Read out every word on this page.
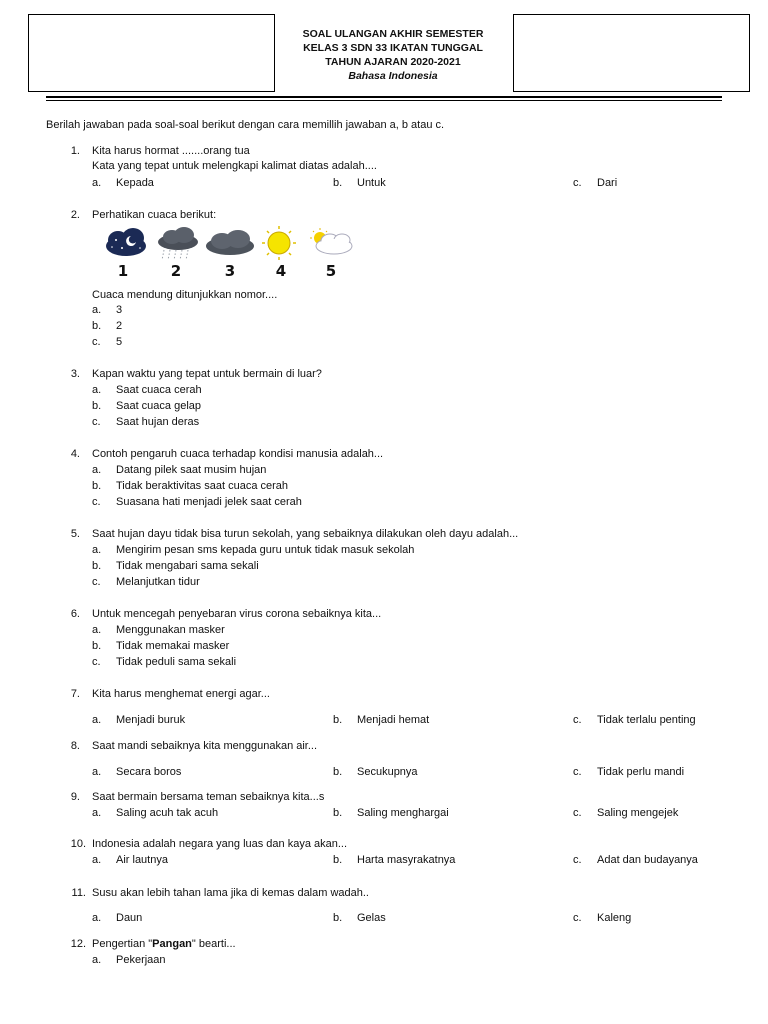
SOAL ULANGAN AKHIR SEMESTER
KELAS 3 SDN 33 IKATAN TUNGGAL
TAHUN AJARAN 2020-2021
Bahasa Indonesia
Berilah jawaban pada soal-soal berikut dengan cara memillih jawaban a, b atau c.
1. Kita harus hormat .......orang tua
Kata yang tepat untuk melengkapi kalimat diatas adalah....
a. Kepada	b. Untuk	c. Dari
2. Perhatikan cuaca berikut:
1	2	3	4	5
Cuaca mendung ditunjukkan nomor....
a. 3
b. 2
c. 5
3. Kapan waktu yang tepat untuk bermain di luar?
a. Saat cuaca cerah
b. Saat cuaca gelap
c. Saat hujan deras
4. Contoh pengaruh cuaca terhadap kondisi manusia adalah...
a. Datang pilek saat musim hujan
b. Tidak beraktivitas saat cuaca cerah
c. Suasana hati menjadi jelek saat cerah
5. Saat hujan dayu tidak bisa turun sekolah, yang sebaiknya dilakukan oleh dayu adalah...
a. Mengirim pesan sms kepada guru untuk tidak masuk sekolah
b. Tidak mengabari sama sekali
c. Melanjutkan tidur
6. Untuk mencegah penyebaran virus corona sebaiknya kita...
a. Menggunakan masker
b. Tidak memakai masker
c. Tidak peduli sama sekali
7. Kita harus menghemat energi agar...
a. Menjadi buruk	b. Menjadi hemat	c. Tidak terlalu penting
8. Saat mandi sebaiknya kita menggunakan air...
a. Secara boros	b. Secukupnya	c. Tidak perlu mandi
9. Saat bermain bersama teman sebaiknya kita...s
a. Saling acuh tak acuh	b. Saling menghargai	c. Saling mengejek
10. Indonesia adalah negara yang luas dan kaya akan...
a. Air lautnya	b. Harta masyrakatnya	c. Adat dan budayanya
11. Susu akan lebih tahan lama jika di kemas dalam wadah..
a. Daun	b. Gelas	c. Kaleng
12. Pengertian "Pangan" bearti...
a. Pekerjaan
